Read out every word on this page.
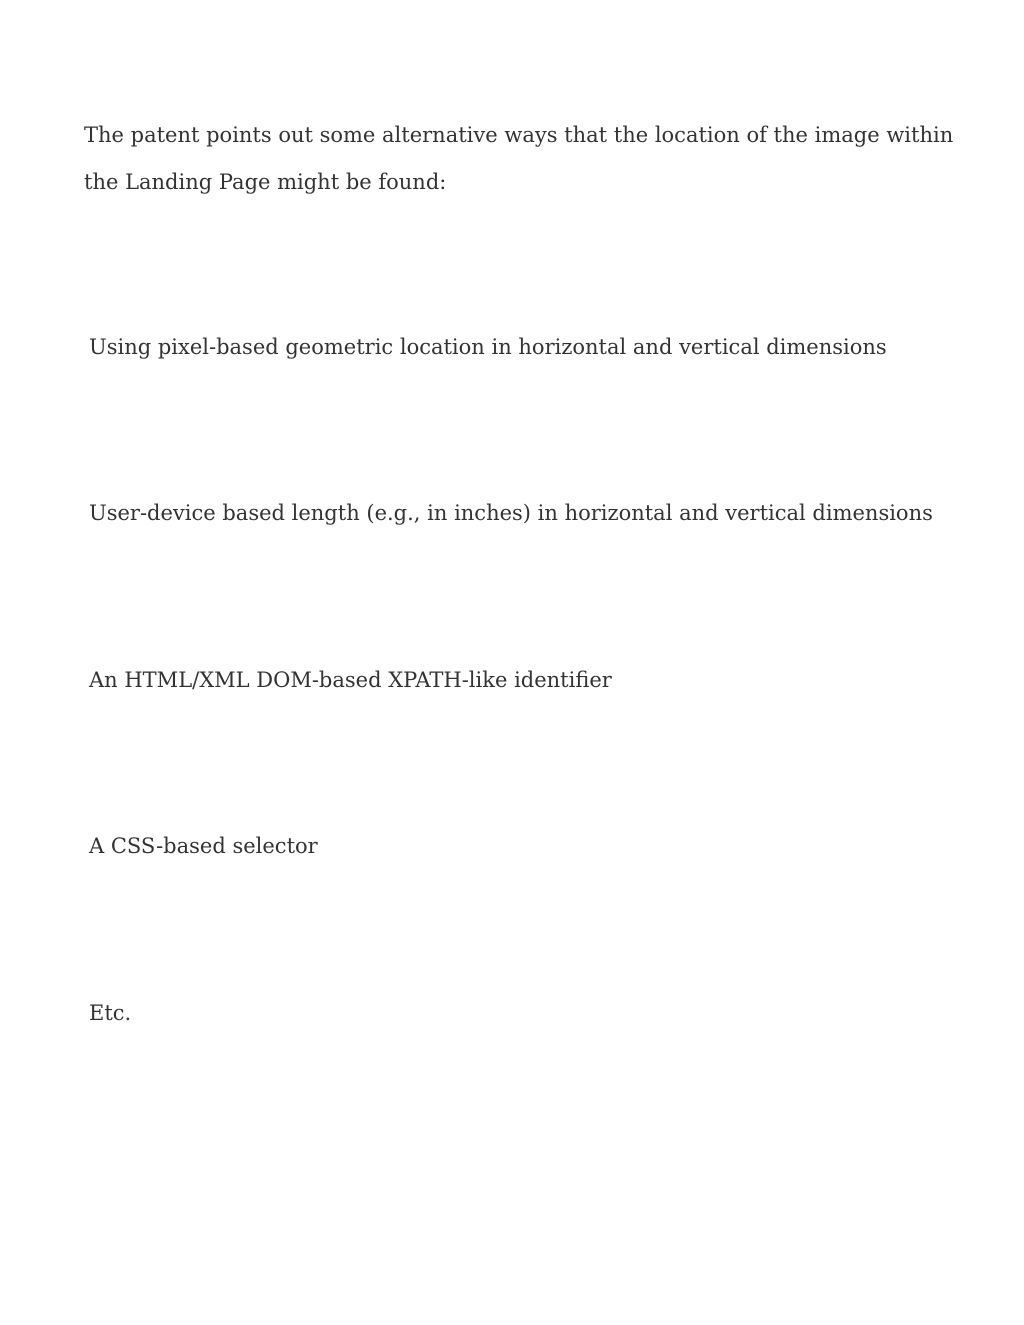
The patent points out some alternative ways that the location of the image within the Landing Page might be found:

Using pixel-based geometric location in horizontal and vertical dimensions

User-device based length (e.g., in inches) in horizontal and vertical dimensions

An HTML/XML DOM-based XPATH-like identifier

A CSS-based selector

Etc.
